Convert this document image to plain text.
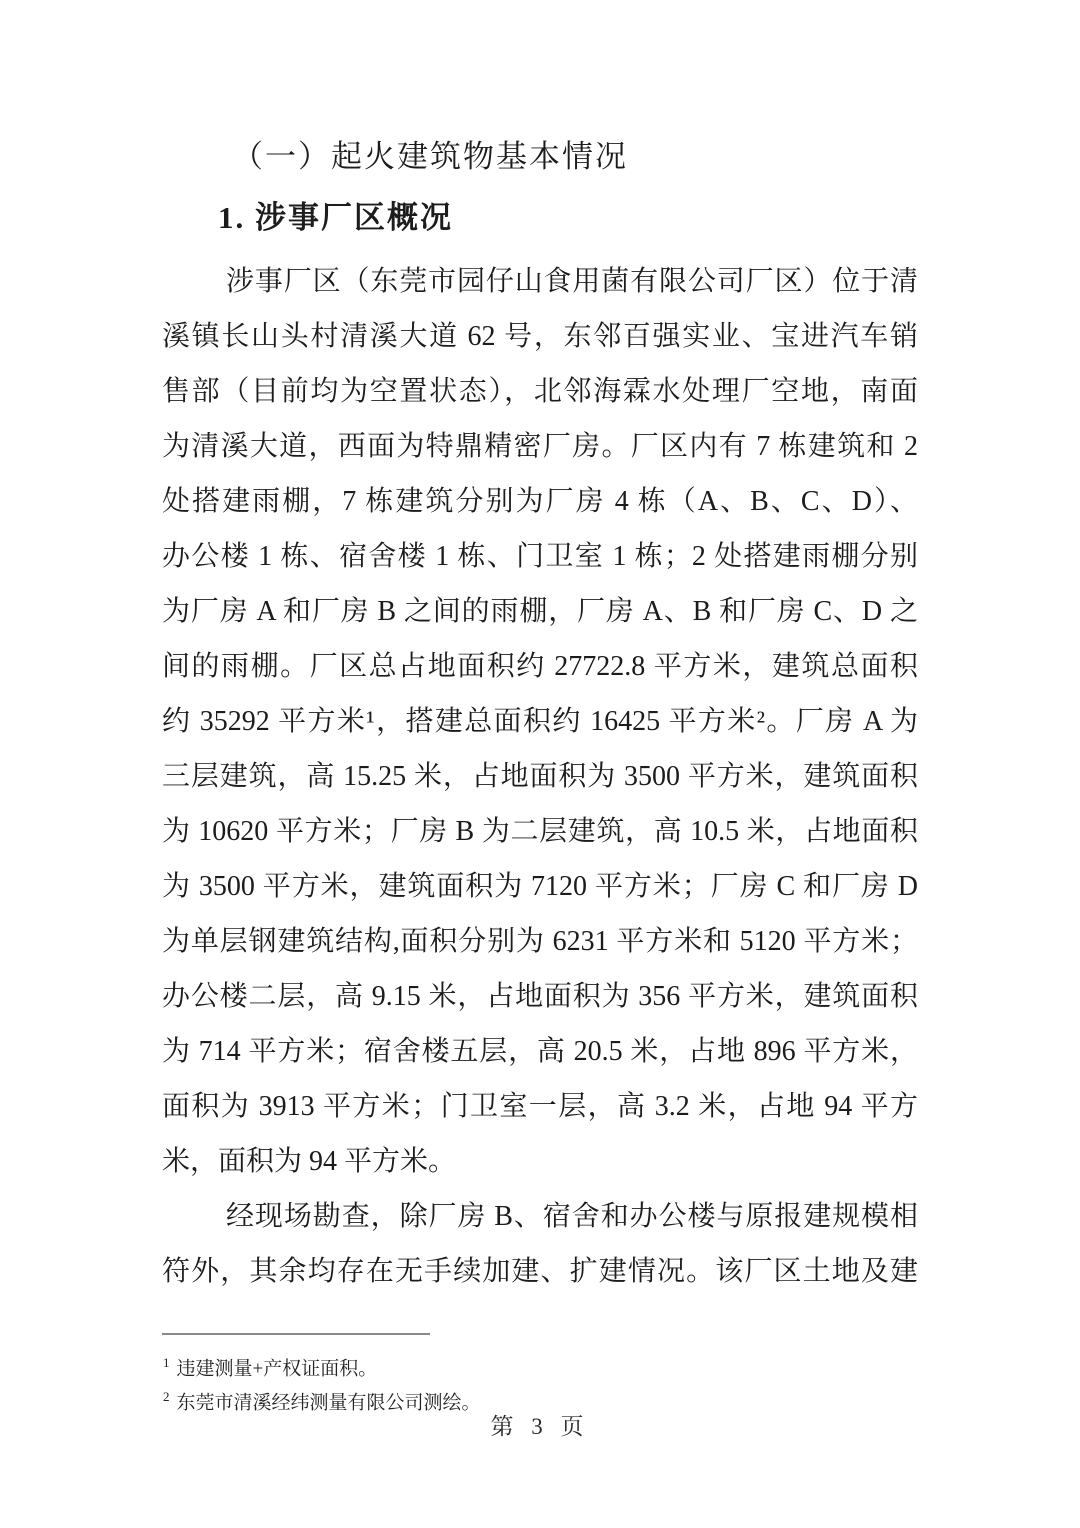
（一）起火建筑物基本情况
1. 涉事厂区概况
涉事厂区（东莞市园仔山食用菌有限公司厂区）位于清
溪镇长山头村清溪大道 62 号，东邻百强实业、宝进汽车销
售部（目前均为空置状态），北邻海霖水处理厂空地，南面
为清溪大道，西面为特鼎精密厂房。厂区内有 7 栋建筑和 2
处搭建雨棚，7 栋建筑分别为厂房 4 栋（A、B、C、D）、
办公楼 1 栋、宿舍楼 1 栋、门卫室 1 栋；2 处搭建雨棚分别
为厂房 A 和厂房 B 之间的雨棚，厂房 A、B 和厂房 C、D 之
间的雨棚。厂区总占地面积约 27722.8 平方米，建筑总面积
约 35292 平方米¹，搭建总面积约 16425 平方米²。厂房 A 为
三层建筑，高 15.25 米，占地面积为 3500 平方米，建筑面积
为 10620 平方米；厂房 B 为二层建筑，高 10.5 米，占地面积
为 3500 平方米，建筑面积为 7120 平方米；厂房 C 和厂房 D
为单层钢建筑结构,面积分别为 6231 平方米和 5120 平方米；
办公楼二层，高 9.15 米，占地面积为 356 平方米，建筑面积
为 714 平方米；宿舍楼五层，高 20.5 米，占地 896 平方米，
面积为 3913 平方米；门卫室一层，高 3.2 米，占地 94 平方
米，面积为 94 平方米。
经现场勘查，除厂房 B、宿舍和办公楼与原报建规模相
符外，其余均存在无手续加建、扩建情况。该厂区土地及建
$^1$ 违建测量+产权证面积。
$^2$ 东莞市清溪经纬测量有限公司测绘。
第 3 页
